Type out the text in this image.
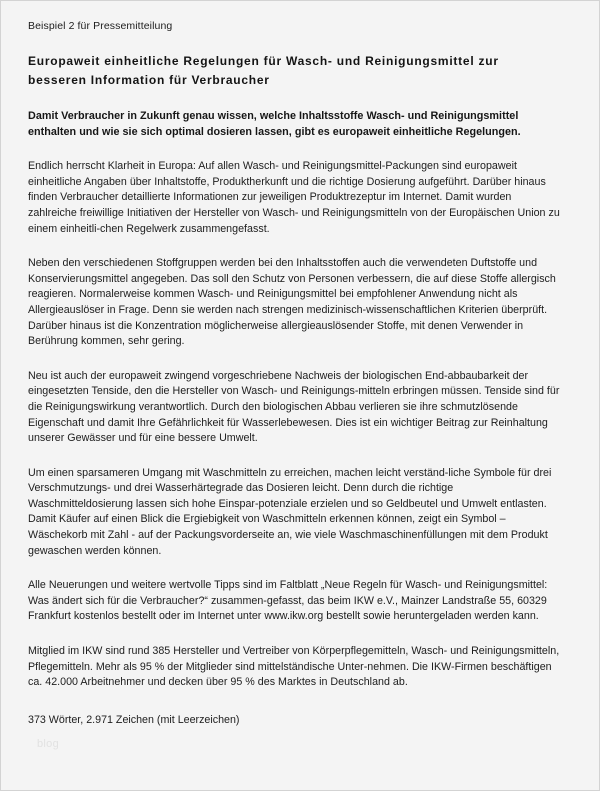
Beispiel 2 für Pressemitteilung

Europaweit einheitliche Regelungen für Wasch- und Reinigungsmittel zur besseren Information für Verbraucher

Damit Verbraucher in Zukunft genau wissen, welche Inhaltsstoffe Wasch- und Reinigungsmittel enthalten und wie sie sich optimal dosieren lassen, gibt es europaweit einheitliche Regelungen.

Endlich herrscht Klarheit in Europa: Auf allen Wasch- und Reinigungsmittel-Packungen sind europaweit einheitliche Angaben über Inhaltstoffe, Produktherkunft und die richtige Dosierung aufgeführt. Darüber hinaus finden Verbraucher detaillierte Informationen zur jeweiligen Produktrezeptur im Internet. Damit wurden zahlreiche freiwillige Initiativen der Hersteller von Wasch- und Reinigungsmitteln von der Europäischen Union zu einem einheitli-chen Regelwerk zusammengefasst.

Neben den verschiedenen Stoffgruppen werden bei den Inhaltsstoffen auch die verwendeten Duftstoffe und Konservierungsmittel angegeben. Das soll den Schutz von Personen verbessern, die auf diese Stoffe allergisch reagieren. Normalerweise kommen Wasch- und Reinigungsmittel bei empfohlener Anwendung nicht als Allergieauslöser in Frage. Denn sie werden nach strengen medizinisch-wissenschaftlichen Kriterien überprüft. Darüber hinaus ist die Konzentration möglicherweise allergieauslösender Stoffe, mit denen Verwender in Berührung kommen, sehr gering.

Neu ist auch der europaweit zwingend vorgeschriebene Nachweis der biologischen End-abbaubarkeit der eingesetzten Tenside, den die Hersteller von Wasch- und Reinigungs-mitteln erbringen müssen. Tenside sind für die Reinigungswirkung verantwortlich. Durch den biologischen Abbau verlieren sie ihre schmutzlösende Eigenschaft und damit Ihre Gefährlichkeit für Wasserlebewesen. Dies ist ein wichtiger Beitrag zur Reinhaltung unserer Gewässer und für eine bessere Umwelt.

Um einen sparsameren Umgang mit Waschmitteln zu erreichen, machen leicht verständ-liche Symbole für drei Verschmutzungs- und drei Wasserhärtegrade das Dosieren leicht. Denn durch die richtige Waschmitteldosierung lassen sich hohe Einspar-potenziale erzielen und so Geldbeutel und Umwelt entlasten. Damit Käufer auf einen Blick die Ergiebigkeit von Waschmitteln erkennen können, zeigt ein Symbol – Wäschekorb mit Zahl - auf der Packungsvorderseite an, wie viele Waschmaschinenfüllungen mit dem Produkt gewaschen werden können.

Alle Neuerungen und weitere wertvolle Tipps sind im Faltblatt „Neue Regeln für Wasch- und Reinigungsmittel: Was ändert sich für die Verbraucher?“ zusammen-gefasst, das beim IKW e.V., Mainzer Landstraße 55, 60329 Frankfurt kostenlos bestellt oder im Internet unter www.ikw.org bestellt sowie heruntergeladen werden kann.

Mitglied im IKW sind rund 385 Hersteller und Vertreiber von Körperpflegemitteln, Wasch- und Reinigungsmitteln, Pflegemitteln. Mehr als 95 % der Mitglieder sind mittelständische Unter-nehmen. Die IKW-Firmen beschäftigen ca. 42.000 Arbeitnehmer und decken über 95 % des Marktes in Deutschland ab.

373 Wörter, 2.971 Zeichen (mit Leerzeichen)

blog
